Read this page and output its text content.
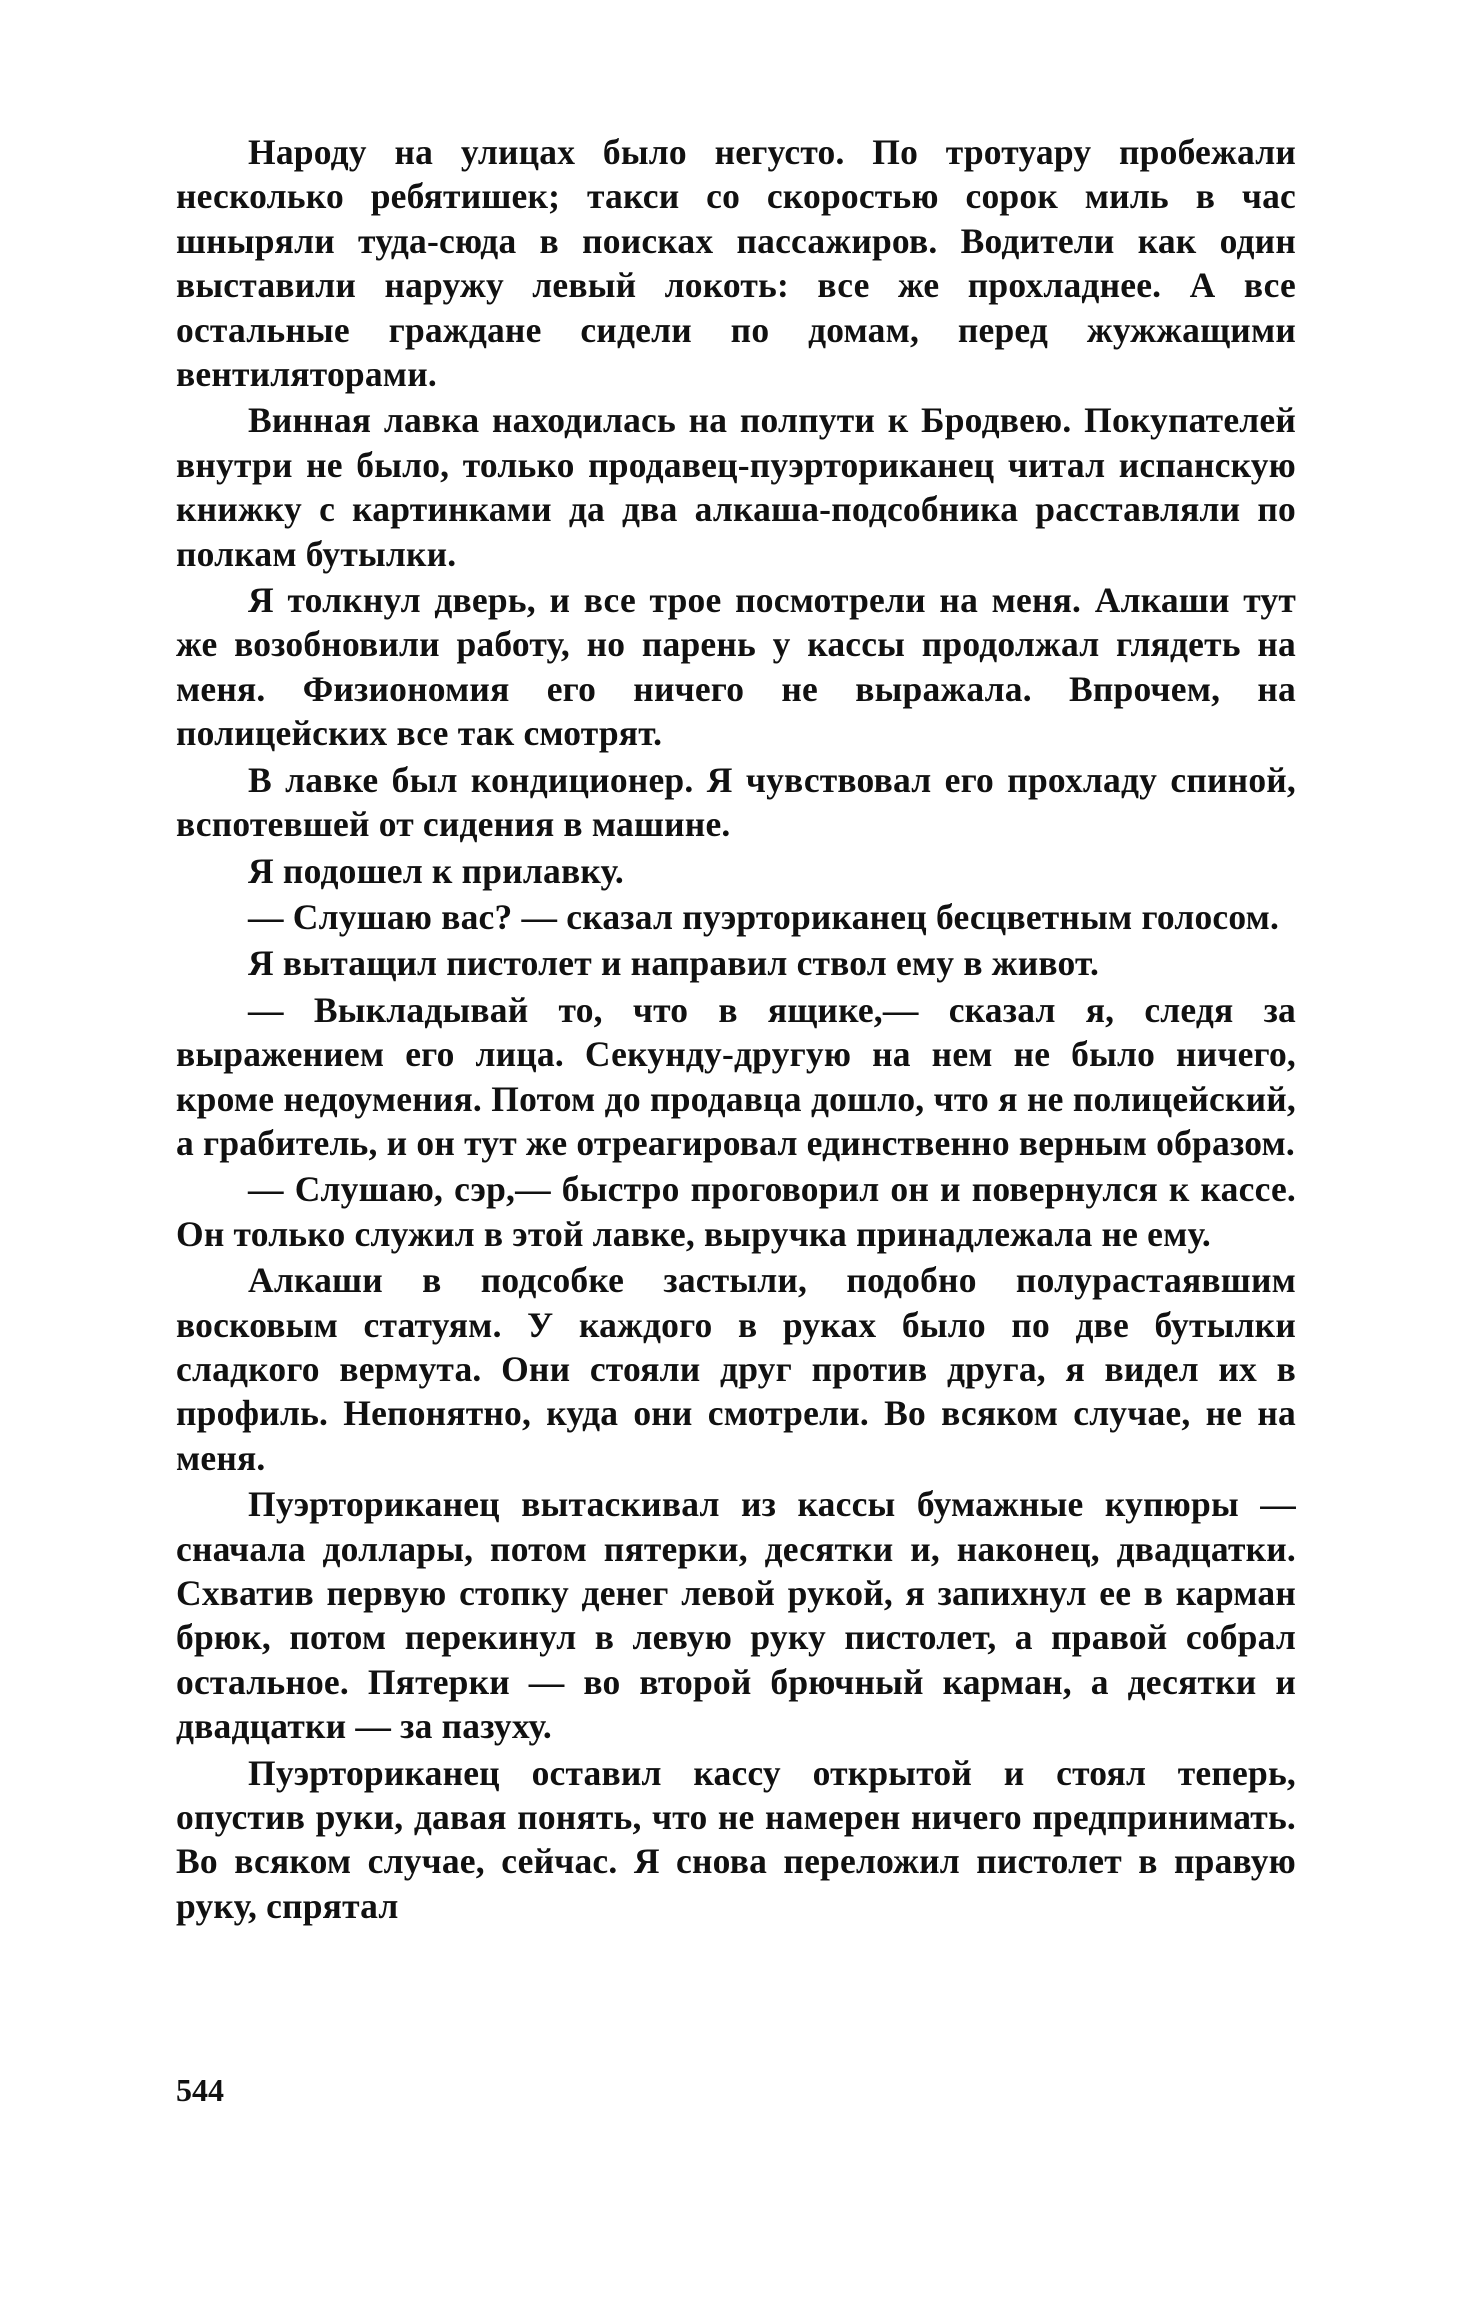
Народу на улицах было негусто. По тротуару пробежали несколько ребятишек; такси со скоростью сорок миль в час шныряли туда-сюда в поисках пассажиров. Водители как один выставили наружу левый локоть: все же прохладнее. А все остальные граждане сидели по домам, перед жужжащими вентиляторами.

Винная лавка находилась на полпути к Бродвею. Покупателей внутри не было, только продавец-пуэрториканец читал испанскую книжку с картинками да два алкаша-подсобника расставляли по полкам бутылки.

Я толкнул дверь, и все трое посмотрели на меня. Алкаши тут же возобновили работу, но парень у кассы продолжал глядеть на меня. Физиономия его ничего не выражала. Впрочем, на полицейских все так смотрят.

В лавке был кондиционер. Я чувствовал его прохладу спиной, вспотевшей от сидения в машине.

Я подошел к прилавку.

— Слушаю вас? — сказал пуэрториканец бесцветным голосом.

Я вытащил пистолет и направил ствол ему в живот.

— Выкладывай то, что в ящике,— сказал я, следя за выражением его лица. Секунду-другую на нем не было ничего, кроме недоумения. Потом до продавца дошло, что я не полицейский, а грабитель, и он тут же отреагировал единственно верным образом.

— Слушаю, сэр,— быстро проговорил он и повернулся к кассе. Он только служил в этой лавке, выручка принадлежала не ему.

Алкаши в подсобке застыли, подобно полурастаявшим восковым статуям. У каждого в руках было по две бутылки сладкого вермута. Они стояли друг против друга, я видел их в профиль. Непонятно, куда они смотрели. Во всяком случае, не на меня.

Пуэрториканец вытаскивал из кассы бумажные купюры — сначала доллары, потом пятерки, десятки и, наконец, двадцатки. Схватив первую стопку денег левой рукой, я запихнул ее в карман брюк, потом перекинул в левую руку пистолет, а правой собрал остальное. Пятерки — во второй брючный карман, а десятки и двадцатки — за пазуху.

Пуэрториканец оставил кассу открытой и стоял теперь, опустив руки, давая понять, что не намерен ничего предпринимать. Во всяком случае, сейчас. Я снова переложил пистолет в правую руку, спрятал

544
